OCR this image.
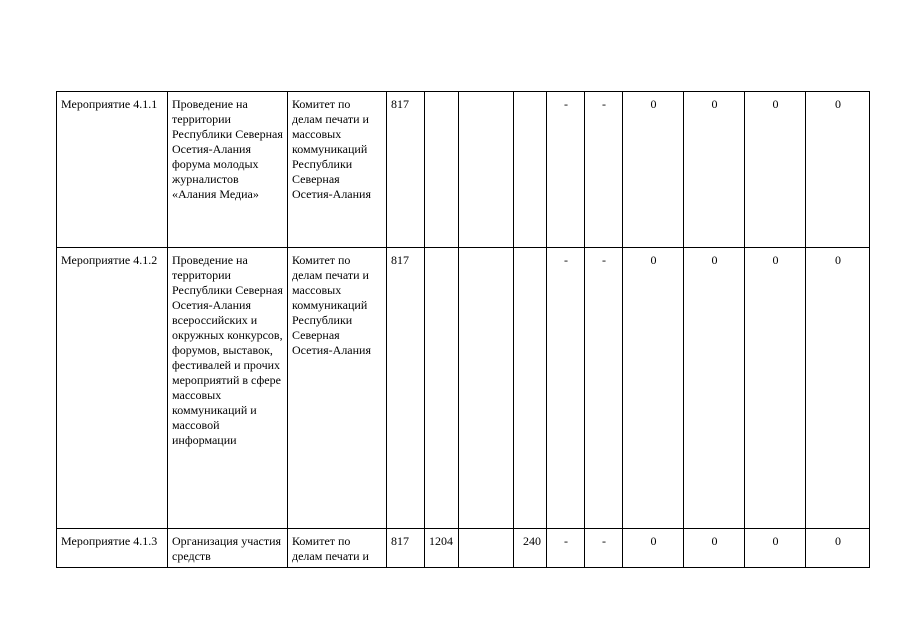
Мероприятие 4.1.1	Проведение на территории Республики Северная Осетия-Алания форума молодых журналистов «Алания Медиа»	Комитет по делам печати и массовых коммуникаций Республики Северная Осетия-Алания	817				-	-	0	0	0	0
Мероприятие 4.1.2	Проведение на территории Республики Северная Осетия-Алания всероссийских и окружных конкурсов, форумов, выставок, фестивалей и прочих мероприятий в сфере массовых коммуникаций и массовой информации	Комитет по делам печати и массовых коммуникаций Республики Северная Осетия-Алания	817				-	-	0	0	0	0
Мероприятие 4.1.3	Организация участия средств	Комитет по делам печати и	817	1204		240	-	-	0	0	0	0
